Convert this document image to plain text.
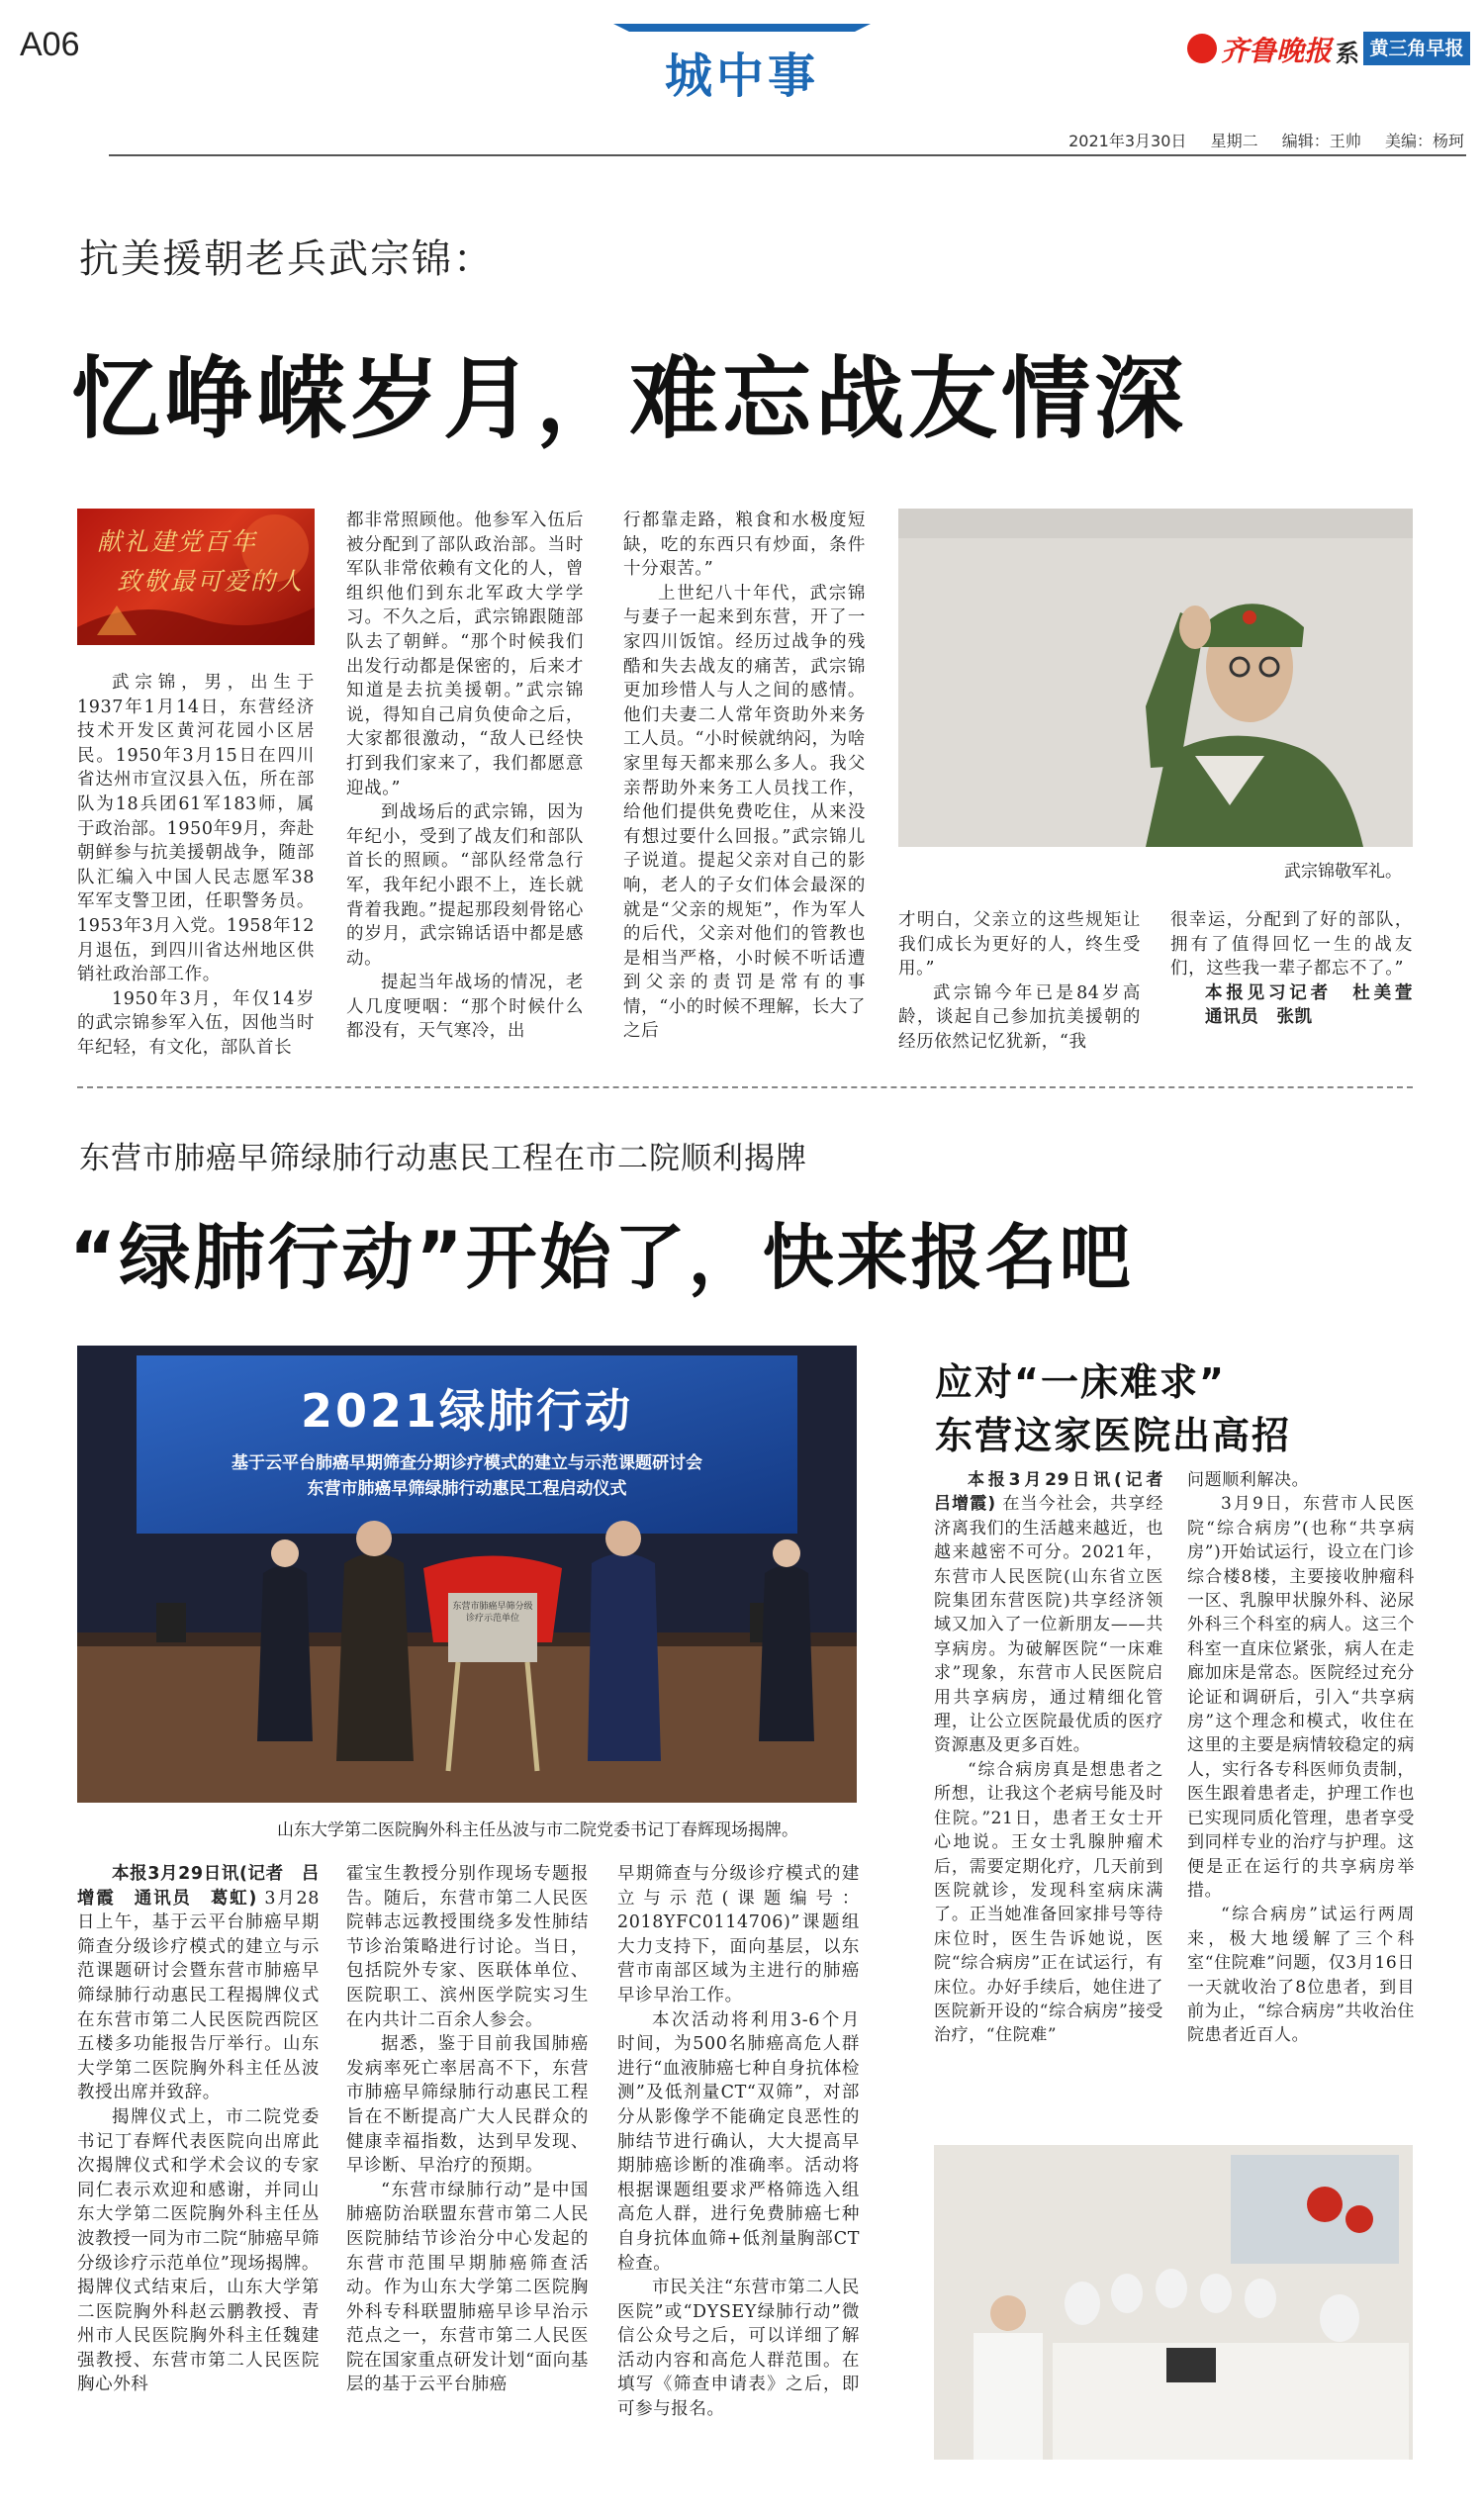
A06
城中事	齐鲁晚报 系 黄三角早报
2021年3月30日 星期二 编辑：王帅 美编：杨珂
抗美援朝老兵武宗锦：
忆峥嵘岁月，难忘战友情深
献礼建党百年
致敬最可爱的人

武宗锦，男，出生于1937年1月14日，东营经济技术开发区黄河花园小区居民。1950年3月15日在四川省达州市宣汉县入伍，所在部队为18兵团61军183师，属于政治部。1950年9月，奔赴朝鲜参与抗美援朝战争，随部队汇编入中国人民志愿军38军军支警卫团，任职警务员。1953年3月入党。1958年12月退伍，到四川省达州地区供销社政治部工作。

1950年3月，年仅14岁的武宗锦参军入伍，因他当时年纪轻，有文化，部队首长

都非常照顾他。他参军入伍后被分配到了部队政治部。当时军队非常依赖有文化的人，曾组织他们到东北军政大学学习。不久之后，武宗锦跟随部队去了朝鲜。“那个时候我们出发行动都是保密的，后来才知道是去抗美援朝。”武宗锦说，得知自己肩负使命之后，大家都很激动，“敌人已经快打到我们家来了，我们都愿意迎战。”

到战场后的武宗锦，因为年纪小，受到了战友们和部队首长的照顾。“部队经常急行军，我年纪小跟不上，连长就背着我跑。”提起那段刻骨铭心的岁月，武宗锦话语中都是感动。

提起当年战场的情况，老人几度哽咽：“那个时候什么都没有，天气寒冷，出

行都靠走路，粮食和水极度短缺，吃的东西只有炒面，条件十分艰苦。”

上世纪八十年代，武宗锦与妻子一起来到东营，开了一家四川饭馆。经历过战争的残酷和失去战友的痛苦，武宗锦更加珍惜人与人之间的感情。他们夫妻二人常年资助外来务工人员。“小时候就纳闷，为啥家里每天都来那么多人。我父亲帮助外来务工人员找工作，给他们提供免费吃住，从来没有想过要什么回报。”武宗锦儿子说道。提起父亲对自己的影响，老人的子女们体会最深的就是“父亲的规矩”，作为军人的后代，父亲对他们的管教也是相当严格，小时候不听话遭到父亲的责罚是常有的事情，“小的时候不理解，长大了之后

武宗锦敬军礼。

才明白，父亲立的这些规矩让我们成长为更好的人，终生受用。”

武宗锦今年已是84岁高龄，谈起自己参加抗美援朝的经历依然记忆犹新，“我

很幸运，分配到了好的部队，拥有了值得回忆一生的战友们，这些我一辈子都忘不了。”

本报见习记者　杜美萱　通讯员　张凯

东营市肺癌早筛绿肺行动惠民工程在市二院顺利揭牌
“绿肺行动”开始了，快来报名吧
2021绿肺行动
基于云平台肺癌早期筛查分期诊疗模式的建立与示范课题研讨会
东营市肺癌早筛绿肺行动惠民工程启动仪式
东营市肺癌早筛分级诊疗示范单位
山东大学第二医院胸外科主任丛波与市二院党委书记丁春辉现场揭牌。

本报3月29日讯(记者　吕增霞　通讯员　葛虹) 3月28日上午，基于云平台肺癌早期筛查分级诊疗模式的建立与示范课题研讨会暨东营市肺癌早筛绿肺行动惠民工程揭牌仪式在东营市第二人民医院西院区五楼多功能报告厅举行。山东大学第二医院胸外科主任丛波教授出席并致辞。

揭牌仪式上，市二院党委书记丁春辉代表医院向出席此次揭牌仪式和学术会议的专家同仁表示欢迎和感谢，并同山东大学第二医院胸外科主任丛波教授一同为市二院“肺癌早筛分级诊疗示范单位”现场揭牌。揭牌仪式结束后，山东大学第二医院胸外科赵云鹏教授、青州市人民医院胸外科主任魏建强教授、东营市第二人民医院胸心外科

霍宝生教授分别作现场专题报告。随后，东营市第二人民医院韩志远教授围绕多发性肺结节诊治策略进行讨论。当日，包括院外专家、医联体单位、医院职工、滨州医学院实习生在内共计二百余人参会。

据悉，鉴于目前我国肺癌发病率死亡率居高不下，东营市肺癌早筛绿肺行动惠民工程旨在不断提高广大人民群众的健康幸福指数，达到早发现、早诊断、早治疗的预期。

“东营市绿肺行动”是中国肺癌防治联盟东营市第二人民医院肺结节诊治分中心发起的东营市范围早期肺癌筛查活动。作为山东大学第二医院胸外科专科联盟肺癌早诊早治示范点之一，东营市第二人民医院在国家重点研发计划“面向基层的基于云平台肺癌

早期筛查与分级诊疗模式的建立与示范(课题编号：2018YFC0114706)”课题组大力支持下，面向基层，以东营市南部区域为主进行的肺癌早诊早治工作。

本次活动将利用3-6个月时间，为500名肺癌高危人群进行“血液肺癌七种自身抗体检测”及低剂量CT“双筛”，对部分从影像学不能确定良恶性的肺结节进行确认，大大提高早期肺癌诊断的准确率。活动将根据课题组要求严格筛选入组高危人群，进行免费肺癌七种自身抗体血筛+低剂量胸部CT检查。

市民关注“东营市第二人民医院”或“DYSEY绿肺行动”微信公众号之后，可以详细了解活动内容和高危人群范围。在填写《筛查申请表》之后，即可参与报名。

应对“一床难求”
东营这家医院出高招

本报3月29日讯(记者　吕增霞) 在当今社会，共享经济离我们的生活越来越近，也越来越密不可分。2021年，东营市人民医院(山东省立医院集团东营医院)共享经济领域又加入了一位新朋友——共享病房。为破解医院“一床难求”现象，东营市人民医院启用共享病房，通过精细化管理，让公立医院最优质的医疗资源惠及更多百姓。

“综合病房真是想患者之所想，让我这个老病号能及时住院。”21日，患者王女士开心地说。王女士乳腺肿瘤术后，需要定期化疗，几天前到医院就诊，发现科室病床满了。正当她准备回家排号等待床位时，医生告诉她说，医院“综合病房”正在试运行，有床位。办好手续后，她住进了医院新开设的“综合病房”接受治疗，“住院难”

问题顺利解决。

3月9日，东营市人民医院“综合病房”(也称“共享病房”)开始试运行，设立在门诊综合楼8楼，主要接收肿瘤科一区、乳腺甲状腺外科、泌尿外科三个科室的病人。这三个科室一直床位紧张，病人在走廊加床是常态。医院经过充分论证和调研后，引入“共享病房”这个理念和模式，收住在这里的主要是病情较稳定的病人，实行各专科医师负责制，医生跟着患者走，护理工作也已实现同质化管理，患者享受到同样专业的治疗与护理。这便是正在运行的共享病房举措。

“综合病房”试运行两周来，极大地缓解了三个科室“住院难”问题，仅3月16日一天就收治了8位患者，到目前为止，“综合病房”共收治住院患者近百人。
